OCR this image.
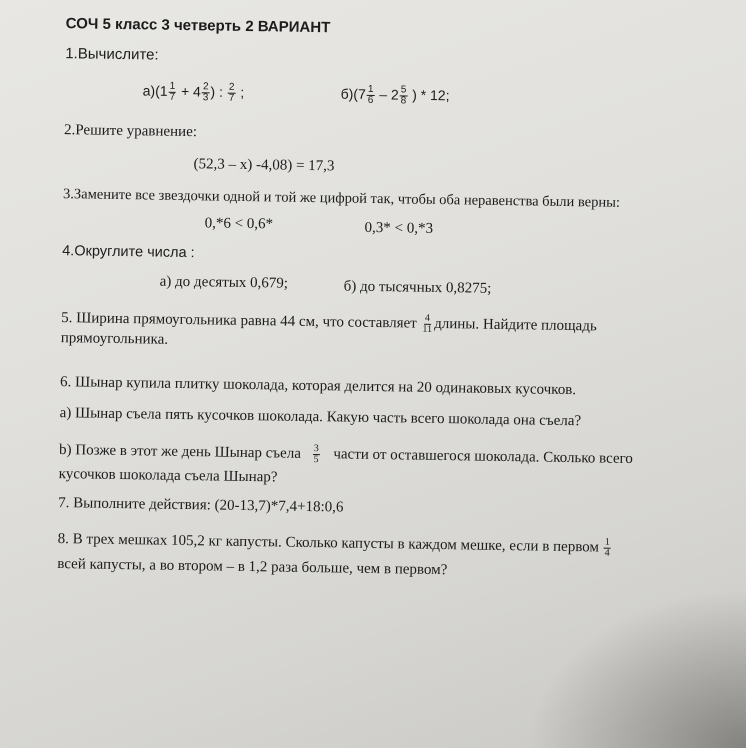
СОЧ 5 класс 3 четверть 2 ВАРИАНТ
1.Вычислите:
$а)(1 \frac{1}{7} + 4 \frac{2}{3}$ ) : $\frac{2}{7}$ ;	$б)(7 \frac{1}{6} - 2 \frac{5}{8}$ ) * 12;
2.Решите уравнение:
(52,3 – х) -4,08) = 17,3
3.Замените все звездочки одной и той же цифрой так, чтобы оба неравенства были верны:
0,*6 < 0,6*	0,3* < 0,*3
4.Округлите числа :
а) до десятых 0,679;	б) до тысячных 0,8275;
5. Ширина прямоугольника равна 44 см, что составляет $\frac{4}{11}$ длины. Найдите площадь
прямоугольника.
6. Шынар купила плитку шоколада, которая делится на 20 одинаковых кусочков.
а) Шынар съела пять кусочков шоколада. Какую часть всего шоколада она съела?
b) Позже в этот же день Шынар съела $\frac{3}{5}$ части от оставшегося шоколада. Сколько всего
кусочков шоколада съела Шынар?
7. Выполните действия: (20-13,7)*7,4+18:0,6
8. В трех мешках 105,2 кг капусты. Сколько капусты в каждом мешке, если в первом $\frac{1}{4}$
всей капусты, а во втором – в 1,2 раза больше, чем в первом?
